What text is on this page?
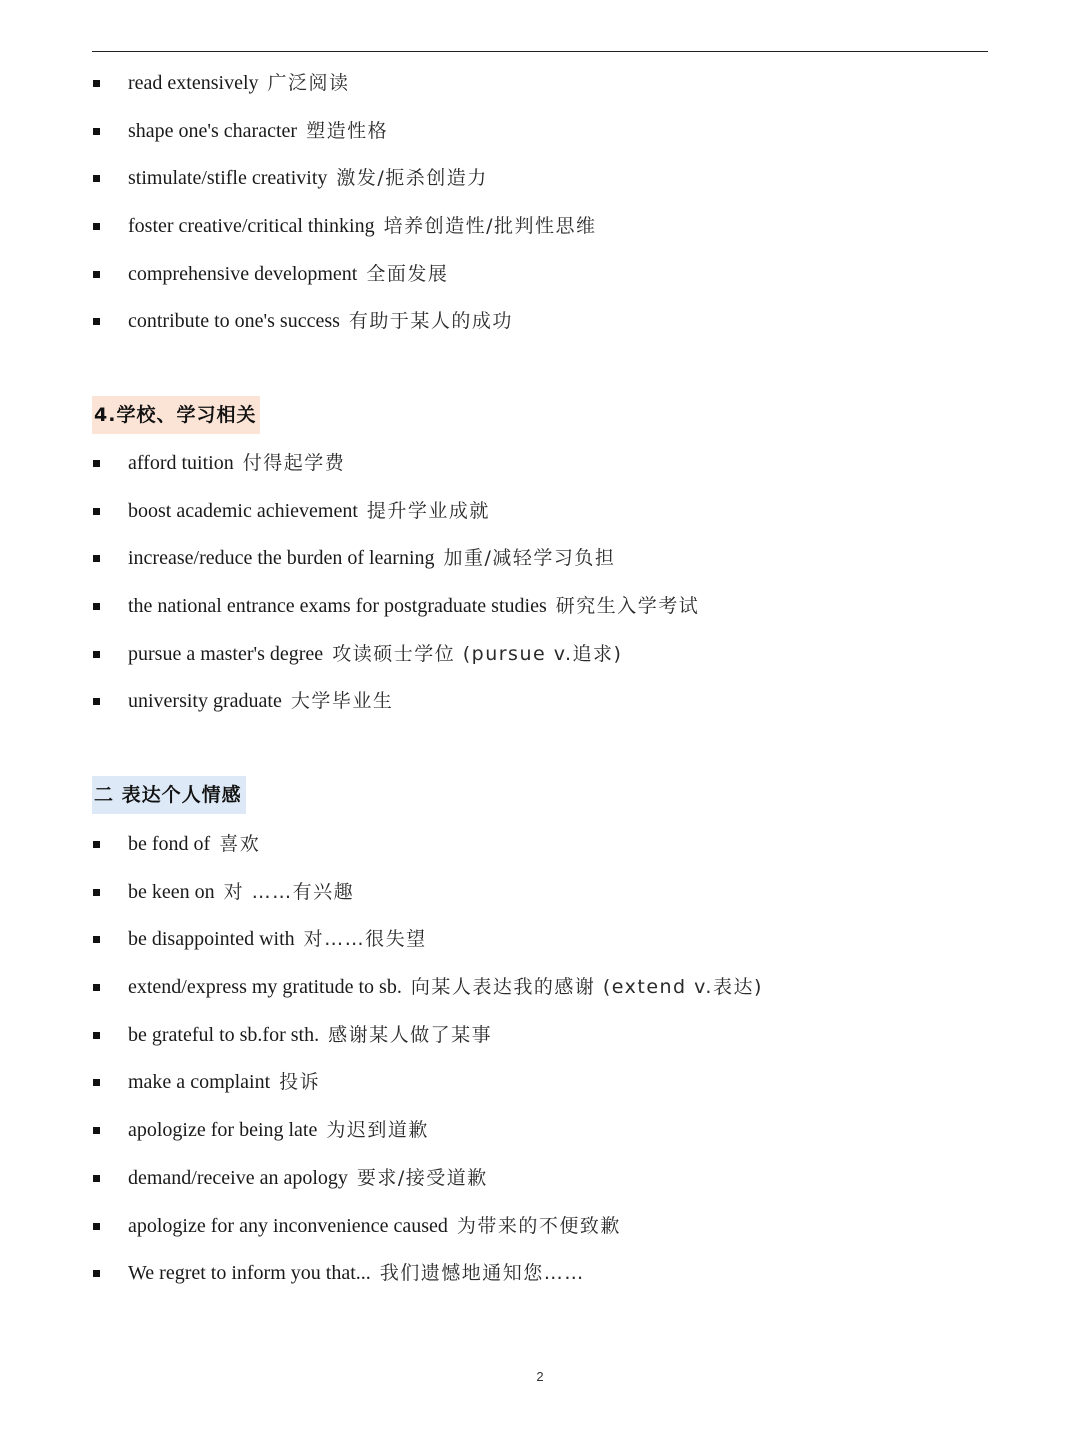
read extensively 广泛阅读
shape one's character 塑造性格
stimulate/stifle creativity 激发/扼杀创造力
foster creative/critical thinking 培养创造性/批判性思维
comprehensive development 全面发展
contribute to one's success 有助于某人的成功
4.学校、学习相关
afford tuition 付得起学费
boost academic achievement 提升学业成就
increase/reduce the burden of learning 加重/减轻学习负担
the national entrance exams for postgraduate studies 研究生入学考试
pursue a master's degree 攻读硕士学位 (pursue v.追求)
university graduate 大学毕业生
二 表达个人情感
be fond of 喜欢
be keen on 对 ……有兴趣
be disappointed with 对……很失望
extend/express my gratitude to sb. 向某人表达我的感谢 (extend v.表达)
be grateful to sb.for sth. 感谢某人做了某事
make a complaint 投诉
apologize for being late 为迟到道歉
demand/receive an apology 要求/接受道歉
apologize for any inconvenience caused 为带来的不便致歉
We regret to inform you that... 我们遗憾地通知您……
2
